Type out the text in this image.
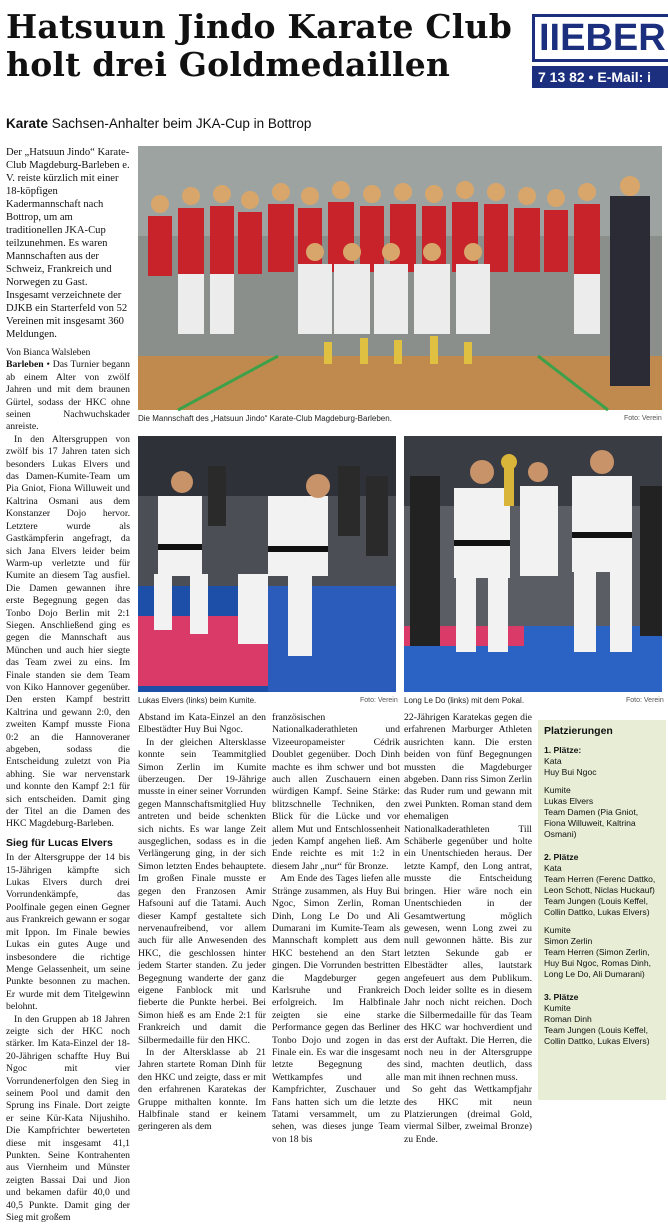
Hatsuun Jindo Karate Club
holt drei Goldmedaillen
IIEBER
7 13 82 • E-Mail: i
Karate Sachsen-Anhalter beim JKA-Cup in Bottrop

Der „Hatsuun Jindo“ Karate-Club Magdeburg-Barleben e. V. reiste kürzlich mit einer 18-köpfigen Kadermannschaft nach Bottrop, um am traditionellen JKA-Cup teilzunehmen. Es waren Mannschaften aus der Schweiz, Frankreich und Norwegen zu Gast. Insgesamt verzeichnete der DJKB ein Starterfeld von 52 Vereinen mit insgesamt 360 Meldungen.

Von Bianca Walsleben

Barleben • Das Turnier begann ab einem Alter von zwölf Jahren und mit dem braunen Gürtel, sodass der HKC ohne seinen Nachwuchskader anreiste.

In den Altersgruppen von zwölf bis 17 Jahren taten sich besonders Lukas Elvers und das Damen-Kumite-Team um Pia Gniot, Fiona Willuweit und Kaltrina Osmani aus dem Konstanzer Dojo hervor. Letztere wurde als Gastkämpferin angefragt, da sich Jana Elvers leider beim Warm-up verletzte und für Kumite an diesem Tag ausfiel. Die Damen gewannen ihre erste Begegnung gegen das Tonbo Dojo Berlin mit 2:1 Siegen. Anschließend ging es gegen die Mannschaft aus München und auch hier siegte das Team zwei zu eins. Im Finale standen sie dem Team von Kiko Hannover gegenüber. Den ersten Kampf bestritt Kaltrina und gewann 2:0, den zweiten Kampf musste Fiona 0:2 an die Hannoveraner abgeben, sodass die Entscheidung zuletzt von Pia abhing. Sie war nervenstark und konnte den Kampf 2:1 für sich entscheiden. Damit ging der Titel an die Damen des HKC Magdeburg-Barleben.

Sieg für Lucas Elvers

In der Altersgruppe der 14 bis 15-Jährigen kämpfte sich Lukas Elvers durch drei Vorrundenkämpfe, das Poolfinale gegen einen Gegner aus Frankreich gewann er sogar mit Ippon. Im Finale bewies Lukas ein gutes Auge und insbesondere die richtige Menge Gelassenheit, um seine Punkte besonnen zu machen. Er wurde mit dem Titelgewinn belohnt.

In den Gruppen ab 18 Jahren zeigte sich der HKC noch stärker. Im Kata-Einzel der 18-20-Jährigen schaffte Huy Bui Ngoc mit vier Vorrundenerfolgen den Sieg in seinem Pool und damit den Sprung ins Finale. Dort zeigte er seine Kür-Kata Nijushiho. Die Kampfrichter bewerteten diese mit insgesamt 41,1 Punkten. Seine Kontrahenten aus Viernheim und Münster zeigten Bassai Dai und Jion und bekamen dafür 40,0 und 40,5 Punkte. Damit ging der Sieg mit großem

Die Mannschaft des „Hatsuun Jindo“ Karate-Club Magdeburg-Barleben.	Foto: Verein
Lukas Elvers (links) beim Kumite.	Foto: Verein Long Le Do (links) mit dem Pokal.	Foto: Verein

Abstand im Kata-Einzel an den Elbestädter Huy Bui Ngoc.

In der gleichen Altersklasse konnte sein Teammitglied Simon Zerlin im Kumite überzeugen. Der 19-Jährige musste in einer seiner Vorrunden gegen Mannschaftsmitglied Huy antreten und beide schenkten sich nichts. Es war lange Zeit ausgeglichen, sodass es in die Verlängerung ging, in der sich Simon letzten Endes behauptete. Im großen Finale musste er gegen den Franzosen Amir Hafsouni auf die Tatami. Auch dieser Kampf gestaltete sich nervenaufreibend, vor allem auch für alle Anwesenden des HKC, die geschlossen hinter jedem Starter standen. Zu jeder Begegnung wanderte der ganz eigene Fanblock mit und fieberte die Punkte herbei. Bei Simon hieß es am Ende 2:1 für Frankreich und damit die Silbermedaille für den HKC.

In der Altersklasse ab 21 Jahren startete Roman Dinh für den HKC und zeigte, dass er mit den erfahrenen Karatekas der Gruppe mithalten konnte. Im Halbfinale stand er keinem geringeren als dem

französischen Nationalkaderathleten und Vizeeuropameister Cédrik Doublet gegenüber. Doch Dinh machte es ihm schwer und bot auch allen Zuschauern einen würdigen Kampf. Seine Stärke: blitzschnelle Techniken, den Blick für die Lücke und vor allem Mut und Entschlossenheit jeden Kampf angehen ließ. Am Ende reichte es mit 1:2 in diesem Jahr „nur“ für Bronze.

Am Ende des Tages liefen alle Stränge zusammen, als Huy Bui Ngoc, Simon Zerlin, Roman Dinh, Long Le Do und Ali Dumarani im Kumite-Team als Mannschaft komplett aus dem HKC bestehend an den Start gingen. Die Vorrunden bestritten die Magdeburger gegen Karlsruhe und Frankreich erfolgreich. Im Halbfinale zeigten sie eine starke Performance gegen das Berliner Tonbo Dojo und zogen in das Finale ein. Es war die insgesamt letzte Begegnung des Wettkampfes und alle Kampfrichter, Zuschauer und Fans hatten sich um die letzte Tatami versammelt, um zu sehen, was dieses junge Team von 18 bis

22-Jährigen Karatekas gegen die erfahrenen Marburger Athleten ausrichten kann. Die ersten beiden von fünf Begegnungen mussten die Magdeburger abgeben. Dann riss Simon Zerlin das Ruder rum und gewann mit zwei Punkten. Roman stand dem ehemaligen Nationalkaderathleten Till Schäberle gegenüber und holte ein Unentschieden heraus. Der letzte Kampf, den Long antrat, musste die Entscheidung bringen. Hier wäre noch ein Unentschieden in der Gesamtwertung möglich gewesen, wenn Long zwei zu null gewonnen hätte. Bis zur letzten Sekunde gab er Elbestädter alles, lautstark angefeuert aus dem Publikum. Doch leider sollte es in diesem Jahr noch nicht reichen. Doch die Silbermedaille für das Team des HKC war hochverdient und erst der Auftakt. Die Herren, die noch neu in der Altersgruppe sind, machten deutlich, dass man mit ihnen rechnen muss.

So geht das Wettkampfjahr des HKC mit neun Platzierungen (dreimal Gold, viermal Silber, zweimal Bronze) zu Ende.

Platzierungen
1. Plätze:
Kata
Huy Bui Ngoc
Kumite
Lukas Elvers
Team Damen (Pia Gniot, Fiona Willuweit, Kaltrina Osmani)
2. Plätze
Kata
Team Herren (Ferenc Dattko, Leon Schott, Niclas Huckauf)
Team Jungen (Louis Keffel, Collin Dattko, Lukas Elvers)
Kumite
Simon Zerlin
Team Herren (Simon Zerlin, Huy Bui Ngoc, Romas Dinh, Long Le Do, Ali Dumarani)
3. Plätze
Kumite
Roman Dinh
Team Jungen (Louis Keffel, Collin Dattko, Lukas Elvers)
